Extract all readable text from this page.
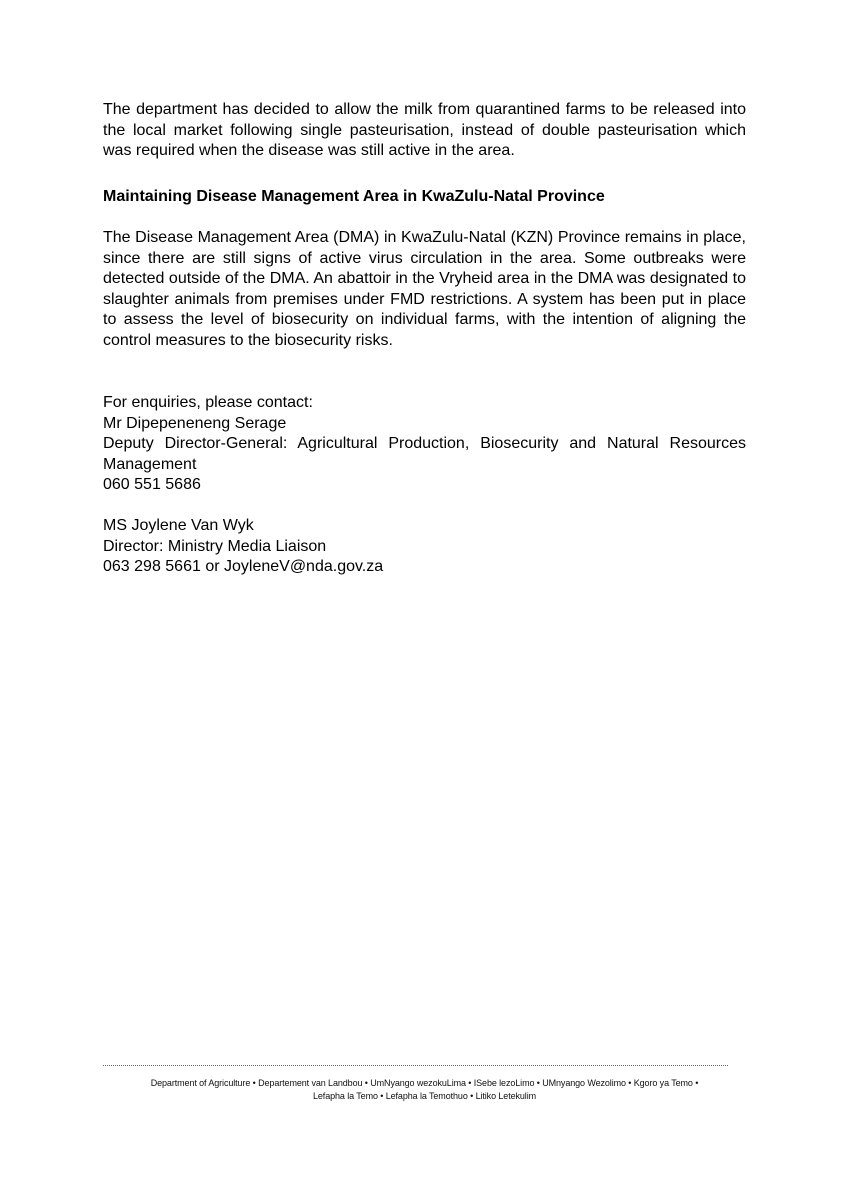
The department has decided to allow the milk from quarantined farms to be released into the local market following single pasteurisation, instead of double pasteurisation which was required when the disease was still active in the area.

Maintaining Disease Management Area in KwaZulu-Natal Province

The Disease Management Area (DMA) in KwaZulu-Natal (KZN) Province remains in place, since there are still signs of active virus circulation in the area. Some outbreaks were detected outside of the DMA. An abattoir in the Vryheid area in the DMA was designated to slaughter animals from premises under FMD restrictions. A system has been put in place to assess the level of biosecurity on individual farms, with the intention of aligning the control measures to the biosecurity risks.

For enquiries, please contact:
Mr Dipepeneneng Serage
Deputy Director-General: Agricultural Production, Biosecurity and Natural Resources Management
060 551 5686
MS Joylene Van Wyk
Director: Ministry Media Liaison
063 298 5661 or JoyleneV@nda.gov.za
Department of Agriculture • Departement van Landbou • UmNyango wezokuLima • ISebe lezoLimo • UMnyango Wezolimo • Kgoro ya Temo •
Lefapha la Temo • Lefapha la Temothuo • Litiko Letekulim
